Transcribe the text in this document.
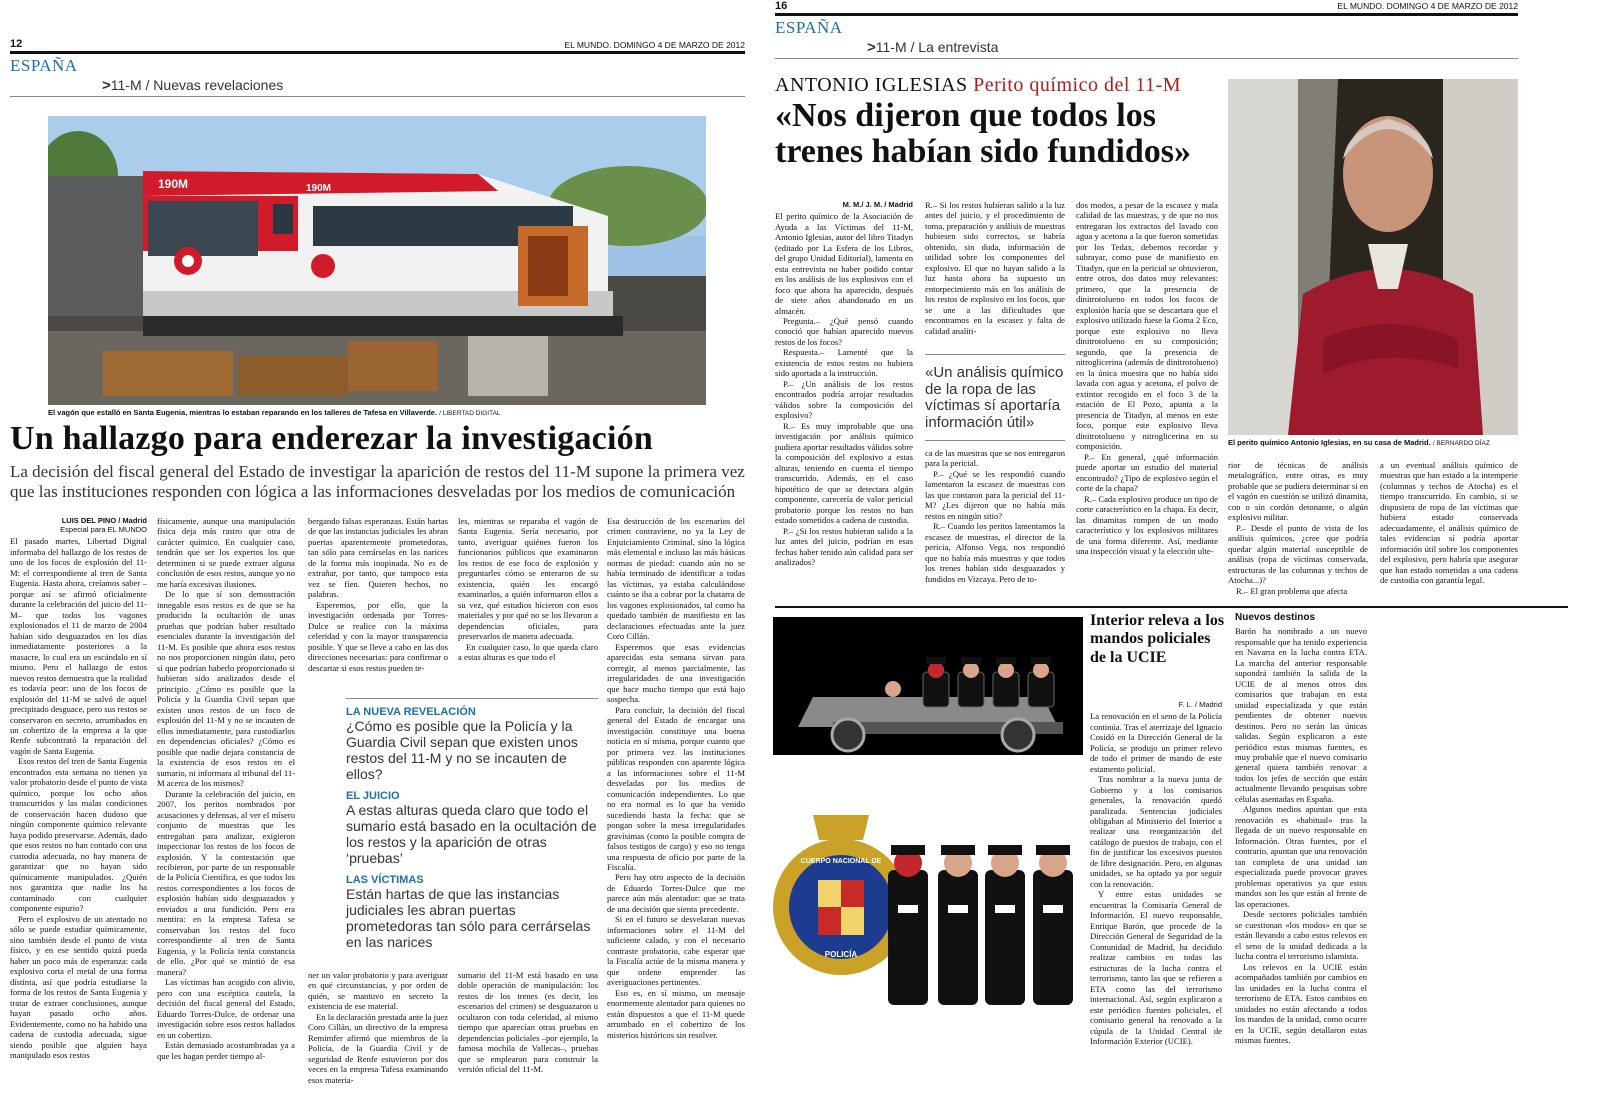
12	EL MUNDO. DOMINGO 4 DE MARZO DE 2012
ESPAÑA
>11-M / Nuevas revelaciones
190M	190M
El vagón que estalló en Santa Eugenia, mientras lo estaban reparando en los talleres de Tafesa en Villaverde. / LIBERTAD DIGITAL
Un hallazgo para enderezar la investigación
La decisión del fiscal general del Estado de investigar la aparición de restos del 11-M supone la primera vez que las instituciones responden con lógica a las informaciones desveladas por los medios de comunicación
LUIS DEL PINO / Madrid
Especial para EL MUNDO

El pasado martes, Libertad Digital informaba del hallazgo de los restos de uno de los focos de explosión del 11-M: el correspondiente al tren de Santa Eugenia. Hasta ahora, creíamos saber –porque así se afirmó oficialmente durante la celebración del juicio del 11-M– que todos los vagones explosionados el 11 de marzo de 2004 habían sido desguazados en los días inmediatamente posteriores a la masacre, lo cual era un escándalo en sí mismo. Pero el hallazgo de estos nuevos restos demuestra que la realidad es todavía peor: uno de los focos de explosión del 11-M se salvó de aquel precipitado desguace, pero sus restos se conservaron en secreto, arrumbados en un cobertizo de la empresa a la que Renfe subcontrató la reparación del vagón de Santa Eugenia.

Esos restos del tren de Santa Eugenia encontrados esta semana no tienen ya valor probatorio desde el punto de vista químico, porque los ocho años transcurridos y las malas condiciones de conservación hacen dudoso que ningún componente químico relevante haya podido preservarse. Además, dado que esos restos no han contado con una custodia adecuada, no hay manera de garantizar que no hayan sido químicamente manipulados. ¿Quién nos garantiza que nadie los ha contaminado con cualquier componente espurio?

Pero el explosivo de un atentado no sólo se puede estudiar químicamente, sino también desde el punto de vista físico, y en ese sentido quizá pueda haber un poco más de esperanza: cada explosivo corta el metal de una forma distinta, así que podría estudiarse la forma de los restos de Santa Eugenia y tratar de extraer conclusiones, aunque hayan pasado ocho años. Evidentemente, como no ha habido una cadena de custodia adecuada, sigue siendo posible que alguien haya manipulado esos restos

físicamente, aunque una manipulación física deja más rastro que otra de carácter químico. En cualquier caso, tendrán que ser los expertos los que determinen si se puede extraer alguna conclusión de esos restos, aunque yo no me haría excesivas ilusiones.

De lo que sí son demostración innegable esos restos es de que se ha producido la ocultación de unas pruebas que podrían haber resultado esenciales durante la investigación del 11-M. Es posible que ahora esos restos no nos proporcionen ningún dato, pero sí que podrían haberlo proporcionado si hubieran sido analizados desde el principio. ¿Cómo es posible que la Policía y la Guardia Civil sepan que existen unos restos de un foco de explosión del 11-M y no se incauten de ellos inmediatamente, para custodiarlos en dependencias oficiales? ¿Cómo es posible que nadie dejara constancia de la existencia de esos restos en el sumario, ni informara al tribunal del 11-M acerca de los mismos?

Durante la celebración del juicio, en 2007, los peritos nombrados por acusaciones y defensas, al ver el mísero conjunto de muestras que les entregaban para analizar, exigieron inspeccionar los restos de los focos de explosión. Y la contestación que recibieron, por parte de un responsable de la Policía Científica, es que todos los restos correspondientes a los focos de explosión habían sido desguazados y enviados a una fundición. Pero era mentira: en la empresa Tafesa se conservaban los restos del foco correspondiente al tren de Santa Eugenia, y la Policía tenía constancia de ello. ¿Por qué se mintió de esa manera?

Las víctimas han acogido con alivio, pero con una escéptica cautela, la decisión del fiscal general del Estado, Eduardo Torres-Dulce, de ordenar una investigación sobre esos restos hallados en un cobertizo.

Están demasiado acostumbradas ya a que les hagan perder tiempo al-

bergando falsas esperanzas. Están hartas de que las instancias judiciales les abran puertas aparentemente prometedoras, tan sólo para cerrárselas en las narices de la forma más inopinada. No es de extrañar, por tanto, que tampoco esta vez se fíen. Quieren hechos, no palabras.

Esperemos, por ello, que la investigación ordenada por Torres-Dulce se realice con la máxima celeridad y con la mayor transparencia posible. Y que se lleve a cabo en las dos direcciones necesarias: para confirmar o descartar si esos restos pueden te-

les, mientras se reparaba el vagón de Santa Eugenia. Sería necesario, por tanto, averiguar quiénes fueron los funcionarios públicos que examinaron los restos de ese foco de explosión y preguntarles cómo se enteraron de su existencia, quién les encargó examinarlos, a quién informaron ellos a su vez, qué estudios hicieron con esos materiales y por qué no se los llevaron a dependencias oficiales, para preservarlos de manera adecuada.

En cualquier caso, lo que queda claro a estas alturas es que todo el

LA NUEVA REVELACIÓN
¿Cómo es posible que la Policía y la Guardia Civil sepan que existen unos restos del 11-M y no se incauten de ellos?
EL JUICIO
A estas alturas queda claro que todo el sumario está basado en la ocultación de los restos y la aparición de otras ‘pruebas’
LAS VÍCTIMAS
Están hartas de que las instancias judiciales les abran puertas prometedoras tan sólo para cerrárselas en las narices

ner un valor probatorio y para averiguar en qué circunstancias, y por orden de quién, se mantuvo en secreto la existencia de ese material.

En la declaración prestada ante la juez Coro Cillán, un directivo de la empresa Remimfer afirmó que miembros de la Policía, de la Guardia Civil y de seguridad de Renfe estuvieron por dos veces en la empresa Tafesa examinando esos materia-

sumario del 11-M está basado en una doble operación de manipulación: los restos de los trenes (es decir, los escenarios del crimen) se desguazaron u ocultaron con toda celeridad, al mismo tiempo que aparecían otras pruebas en dependencias policiales –por ejemplo, la famosa mochila de Vallecas–, pruebas que se emplearon para construir la versión oficial del 11-M.

Esa destrucción de los escenarios del crimen contraviene, no ya la Ley de Enjuiciamiento Criminal, sino la lógica más elemental e incluso las más básicas normas de piedad: cuando aún no se había terminado de identificar a todas las víctimas, ya estaba calculándose cuánto se iba a cobrar por la chatarra de los vagones explosionados, tal como ha quedado también de manifiesto en las declaraciones efectuadas ante la juez Coro Cillán.

Esperemos que esas evidencias aparecidas esta semana sirvan para corregir, al menos parcialmente, las irregularidades de una investigación que hace mucho tiempo que está bajo sospecha.

Para concluir, la decisión del fiscal general del Estado de encargar una investigación constituye una buena noticia en sí misma, porque cuanto que por primera vez las instituciones públicas responden con aparente lógica a las informaciones sobre el 11-M desveladas por los medios de comunicación independientes. Lo que no era normal es lo que ha venido sucediendo hasta la fecha: que se pongan sobre la mesa irregularidades gravísimas (como la posible compra de falsos testigos de cargo) y eso no tenga una respuesta de oficio por parte de la Fiscalía.

Pero hay otro aspecto de la decisión de Eduardo Torres-Dulce que me parece aún más alentador: que se trata de una decisión que sienta precedente.

Si en el futuro se desvelaran nuevas informaciones sobre el 11-M del suficiente calado, y con el necesario contraste probatorio, cabe esperar que la Fiscalía actúe de la misma manera y que ordene emprender las averiguaciones pertinentes.

Eso es, en sí mismo, un mensaje enormemente alentador para quienes no están dispuestos a que el 11-M quede arrumbado en el cobertizo de los misterios históricos sin resolver.

16	EL MUNDO. DOMINGO 4 DE MARZO DE 2012
ESPAÑA
>11-M / La entrevista
ANTONIO IGLESIAS Perito químico del 11-M
«Nos dijeron que todos los trenes habían sido fundidos»
M. M./ J. M. / Madrid

El perito químico de la Asociación de Ayuda a las Víctimas del 11-M, Antonio Iglesias, autor del libro Titadyn (editado por La Esfera de los Libros, del grupo Unidad Editorial), lamenta en esta entrevista no haber podido contar en los análisis de los explosivos con el foco que ahora ha aparecido, después de siete años abandonado en un almacén.

Pregunta.– ¿Qué pensó cuando conoció que habían aparecido nuevos restos de los focos?

Respuesta.– Lamenté que la existencia de estos restos no hubiera sido aportada a la instrucción.

P.– ¿Un análisis de los restos encontrados podría arrojar resultados válidos sobre la composición del explosivo?

R.– Es muy improbable que una investigación por análisis químico pudiera aportar resultados válidos sobre la composición del explosivo a estas alturas, teniendo en cuenta el tiempo transcurrido. Además, en el caso hipotético de que se detectara algún componente, carecería de valor pericial probatorio porque los restos no han estado sometidos a cadena de custodia.

P.– ¿Si los restos hubieran salido a la luz antes del juicio, podrían en esas fechas haber tenido aún calidad para ser analizados?

R.– Si los restos hubieran salido a la luz antes del juicio, y el procedimiento de toma, preparación y análisis de muestras hubiesen sido correctos, se habría obtenido, sin duda, información de utilidad sobre los componentes del explosivo. El que no hayan salido a la luz hasta ahora ha supuesto un entorpecimiento más en los análisis de los restos de explosivo en los focos, que se une a las dificultades que encontramos en la escasez y falta de calidad analíti-

«Un análisis químico de la ropa de las víctimas sí aportaría información útil»

ca de las muestras que se nos entregaron para la pericial.

P.– ¿Qué se les respondió cuando lamentaron la escasez de muestras con las que contaron para la pericial del 11-M? ¿Les dijeron que no había más restos en ningún sitio?

R.– Cuando los peritos lamentamos la escasez de muestras, el director de la pericia, Alfonso Vega, nos respondió que no había más muestras y que todos los trenes habían sido desguazados y fundidos en Vizcaya. Pero de to-

dos modos, a pesar de la escasez y mala calidad de las muestras, y de que no nos entregaran los extractos del lavado con agua y acetona a la que fueron sometidas por los Tedax, debemos recordar y subrayar, como puse de manifiesto en Titadyn, que en la pericial se obtuvieron, entre otros, dos datos muy relevantes: primero, que la presencia de dinitrotolueno en todos los focos de explosión hacía que se descartara que el explosivo utilizado fuese la Goma 2 Eco, porque este explosivo no lleva dinitrotolueno en su composición; segundo, que la presencia de nitroglicerina (además de dinitrotolueno) en la única muestra que no había sido lavada con agua y acetona, el polvo de extintor recogido en el foco 3 de la estación de El Pozo, apunta a la presencia de Titadyn, al menos en este foco, porque este explosivo lleva dinitrotolueno y nitroglicerina en su composición.

P.– En general, ¿qué información puede aportar un estudio del material encontrado? ¿Tipo de explosivo según el corte de la chapa?

R.– Cada explosivo produce un tipo de corte característico en la chapa. Es decir, las dinamitas rompen de un modo característico y los explosivos militares de una forma diferente. Así, mediante una inspección visual y la elección ulte-

El perito químico Antonio Iglesias, en su casa de Madrid. / BERNARDO DÍAZ

rior de técnicas de análisis metalográfico, entre otras, es muy probable que se pudiera determinar si en el vagón en cuestión se utilizó dinamita, con o sin cordón detonante, o algún explosivo militar.

P.– Desde el punto de vista de los análisis químicos, ¿cree que podría quedar algún material susceptible de análisis (ropa de víctimas conservada, estructuras de las columnas y techos de Atocha...)?

R.– El gran problema que afecta

a un eventual análisis químico de muestras que han estado a la intemperie (columnas y techos de Atocha) es el tiempo transcurrido. En cambio, si se dispusiera de ropa de las víctimas que hubiera estado conservada adecuadamente, el análisis químico de tales evidencias sí podría aportar información útil sobre los componentes del explosivo, pero habría que asegurar que han estado sometidas a una cadena de custodia con garantía legal.

CUERPO NACIONAL DE
POLICÍA
Interior releva a los mandos policiales de la UCIE
F. L. / Madrid

La renovación en el seno de la Policía continúa. Tras el aterrizaje del Ignacio Cosidó en la Dirección General de la Policía, se produjo un primer relevo de todo el primer de mando de este estamento policial.

Tras nombrar a la nueva junta de Gobierno y a los comisarios generales, la renovación quedó paralizada. Sentencias judiciales obligaban al Ministerio del Interior a realizar una reorganización del catálogo de puestos de trabajo, con el fin de justificar los excesivos puestos de libre designación. Pero, en algunas unidades, se ha optado ya por seguir con la renovación.

Y entre estas unidades se encuentras la Comisaría General de Información. El nuevo responsable, Enrique Barón, que procede de la Dirección General de Seguridad de la Comunidad de Madrid, ha decidido realizar cambios en todas las estructuras de la lucha contra el terrorismo, tanto las que se refieren a ETA como las del terrorismo internacional. Así, según explicaron a este periódico fuentes policiales, el comisario general ha renovado a la cúpula de la Unidad Central de Información Exterior (UCIE).

Nuevos destinos

Barón ha nombrado a un nuevo responsable que ha tenido experiencia en Navarra en la lucha contra ETA. La marcha del anterior responsable supondrá también la salida de la UCIE de al menos otros dos comisarios que trabajan en esta unidad especializada y que están pendientes de obtener nuevos destinos. Pero no serán las únicas salidas. Según explicaron a este periódico estas mismas fuentes, es muy probable que el nuevo comisario general quiera también renovar a todos los jefes de sección que están actualmente llevando pesquisas sobre células asentadas en España.

Algunos medios apuntan que esta renovación es «habitual» tras la llegada de un nuevo responsable en Información. Otras fuentes, por el contrario, apuntan que una renovación tan completa de una unidad tan especializada puede provocar graves problemas operativos ya que estos mandos son los que están al frente de las operaciones.

Desde sectores policiales también se cuestionan «los modos» en que se están llevando a cabo estos relevos en el seno de la unidad dedicada a la lucha contra el terrorismo islamista.

Los relevos en la UCIE están acompañados también por cambios en las unidades en la lucha contra el terrorismo de ETA. Estos cambios en unidades no están afectando a todos los mandos de la unidad, como ocurre en la UCIE, según detallaron estas mismas fuentes.
